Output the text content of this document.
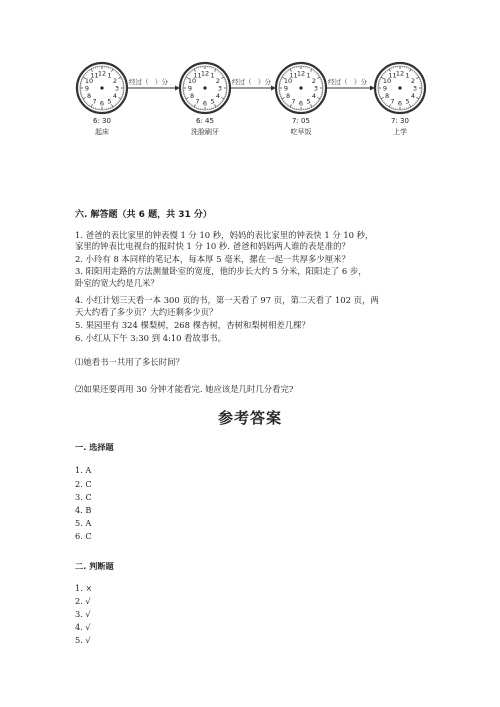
1
2
3
4
5
6
7
8
9
10
11 12	1
2
3
4
5
6
7
8
9
10
11 12	1
2
3
4
5
6
7
8
9
10
11 12	1
2
3
4
5
6
7
8
9
10
11 12
6: 30
起床
6: 45
洗脸刷牙
7: 05
吃早饭
7: 30
上学
经过（　）分	经过（　）分	经过（　）分
六. 解答题（共 6 题，共 31 分）
1. 爸爸的表比家里的钟表慢 1 分 10 秒，妈妈的表比家里的钟表快 1 分 10 秒，
家里的钟表比电视台的报时快 1 分 10 秒. 爸爸和妈妈两人谁的表是准的？
2. 小玲有 8 本同样的笔记本，每本厚 5 毫米，摞在一起一共厚多少厘米？
3. 阳阳用走路的方法测量卧室的宽度，他的步长大约 5 分米，阳阳走了 6 步，
卧室的宽大约是几米？
4. 小红计划三天看一本 300 页的书，第一天看了 97 页，第二天看了 102 页，两
天大约看了多少页？大约还剩多少页？
5. 果园里有 324 棵梨树，268 棵杏树，杏树和梨树相差几棵？
6. 小红从下午 3:30 到 4:10 看故事书。
⑴她看书一共用了多长时间？
⑵如果还要再用 30 分钟才能看完. 她应该是几时几分看完?
参考答案
一. 选择题
1. A
2. C
3. C
4. B
5. A
6. C
二. 判断题
1. ×
2. √
3. √
4. √
5. √
